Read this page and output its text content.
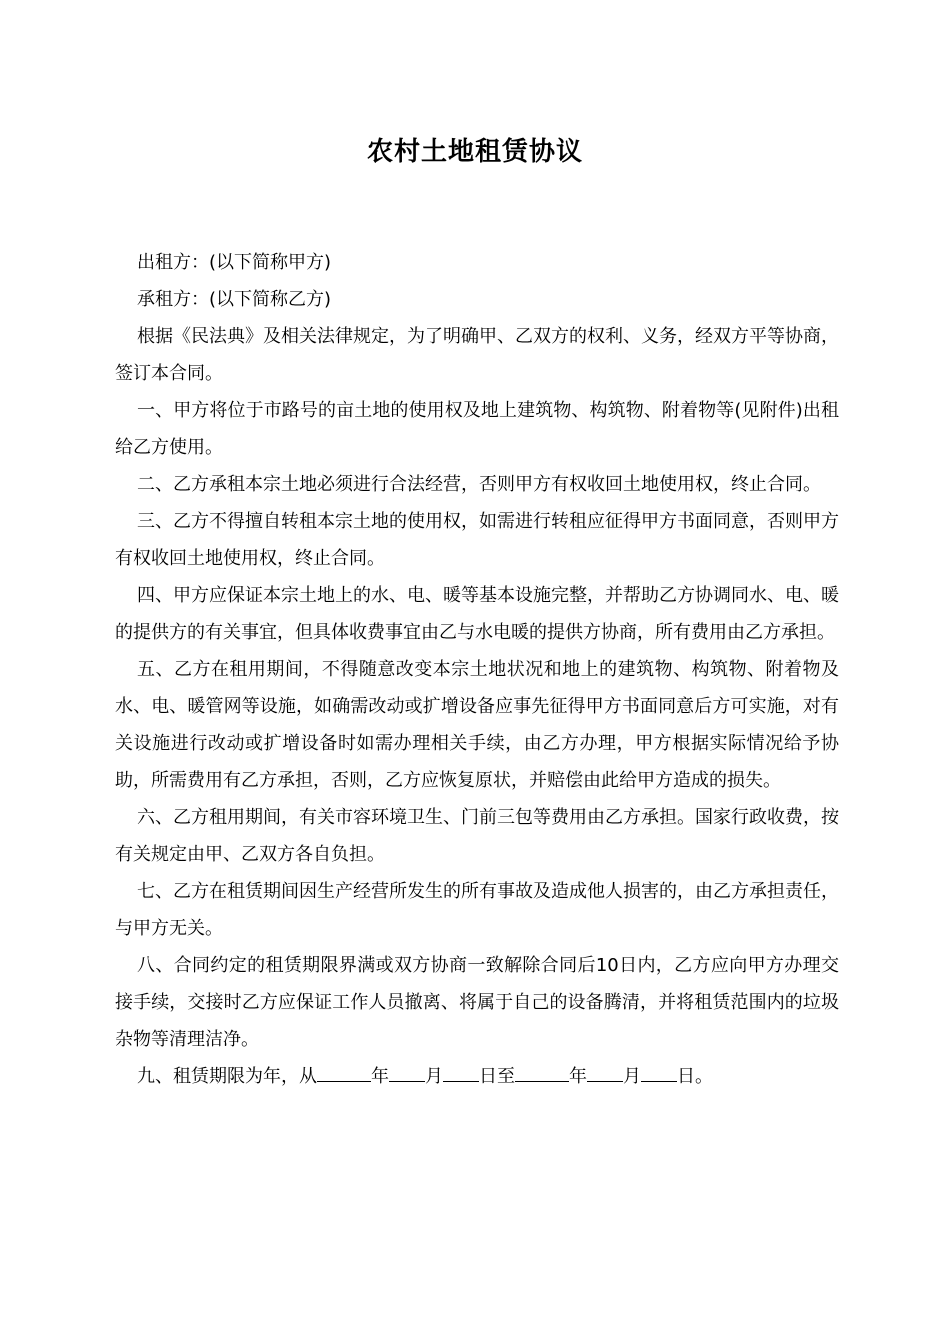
农村土地租赁协议

出租方：(以下简称甲方)

承租方：(以下简称乙方)

根据《民法典》及相关法律规定，为了明确甲、乙双方的权利、义务，经双方平等协商，签订本合同。

一、甲方将位于市路号的亩土地的使用权及地上建筑物、构筑物、附着物等(见附件)出租给乙方使用。

二、乙方承租本宗土地必须进行合法经营，否则甲方有权收回土地使用权，终止合同。

三、乙方不得擅自转租本宗土地的使用权，如需进行转租应征得甲方书面同意，否则甲方有权收回土地使用权，终止合同。

四、甲方应保证本宗土地上的水、电、暖等基本设施完整，并帮助乙方协调同水、电、暖的提供方的有关事宜，但具体收费事宜由乙与水电暖的提供方协商，所有费用由乙方承担。

五、乙方在租用期间，不得随意改变本宗土地状况和地上的建筑物、构筑物、附着物及水、电、暖管网等设施，如确需改动或扩增设备应事先征得甲方书面同意后方可实施，对有关设施进行改动或扩增设备时如需办理相关手续，由乙方办理，甲方根据实际情况给予协助，所需费用有乙方承担，否则，乙方应恢复原状，并赔偿由此给甲方造成的损失。

六、乙方租用期间，有关市容环境卫生、门前三包等费用由乙方承担。国家行政收费，按有关规定由甲、乙双方各自负担。

七、乙方在租赁期间因生产经营所发生的所有事故及造成他人损害的，由乙方承担责任，与甲方无关。

八、合同约定的租赁期限界满或双方协商一致解除合同后10日内，乙方应向甲方办理交接手续，交接时乙方应保证工作人员撤离、将属于自己的设备腾清，并将租赁范围内的垃圾杂物等清理洁净。

九、租赁期限为年，从	年 月 日至	年 月 日。
